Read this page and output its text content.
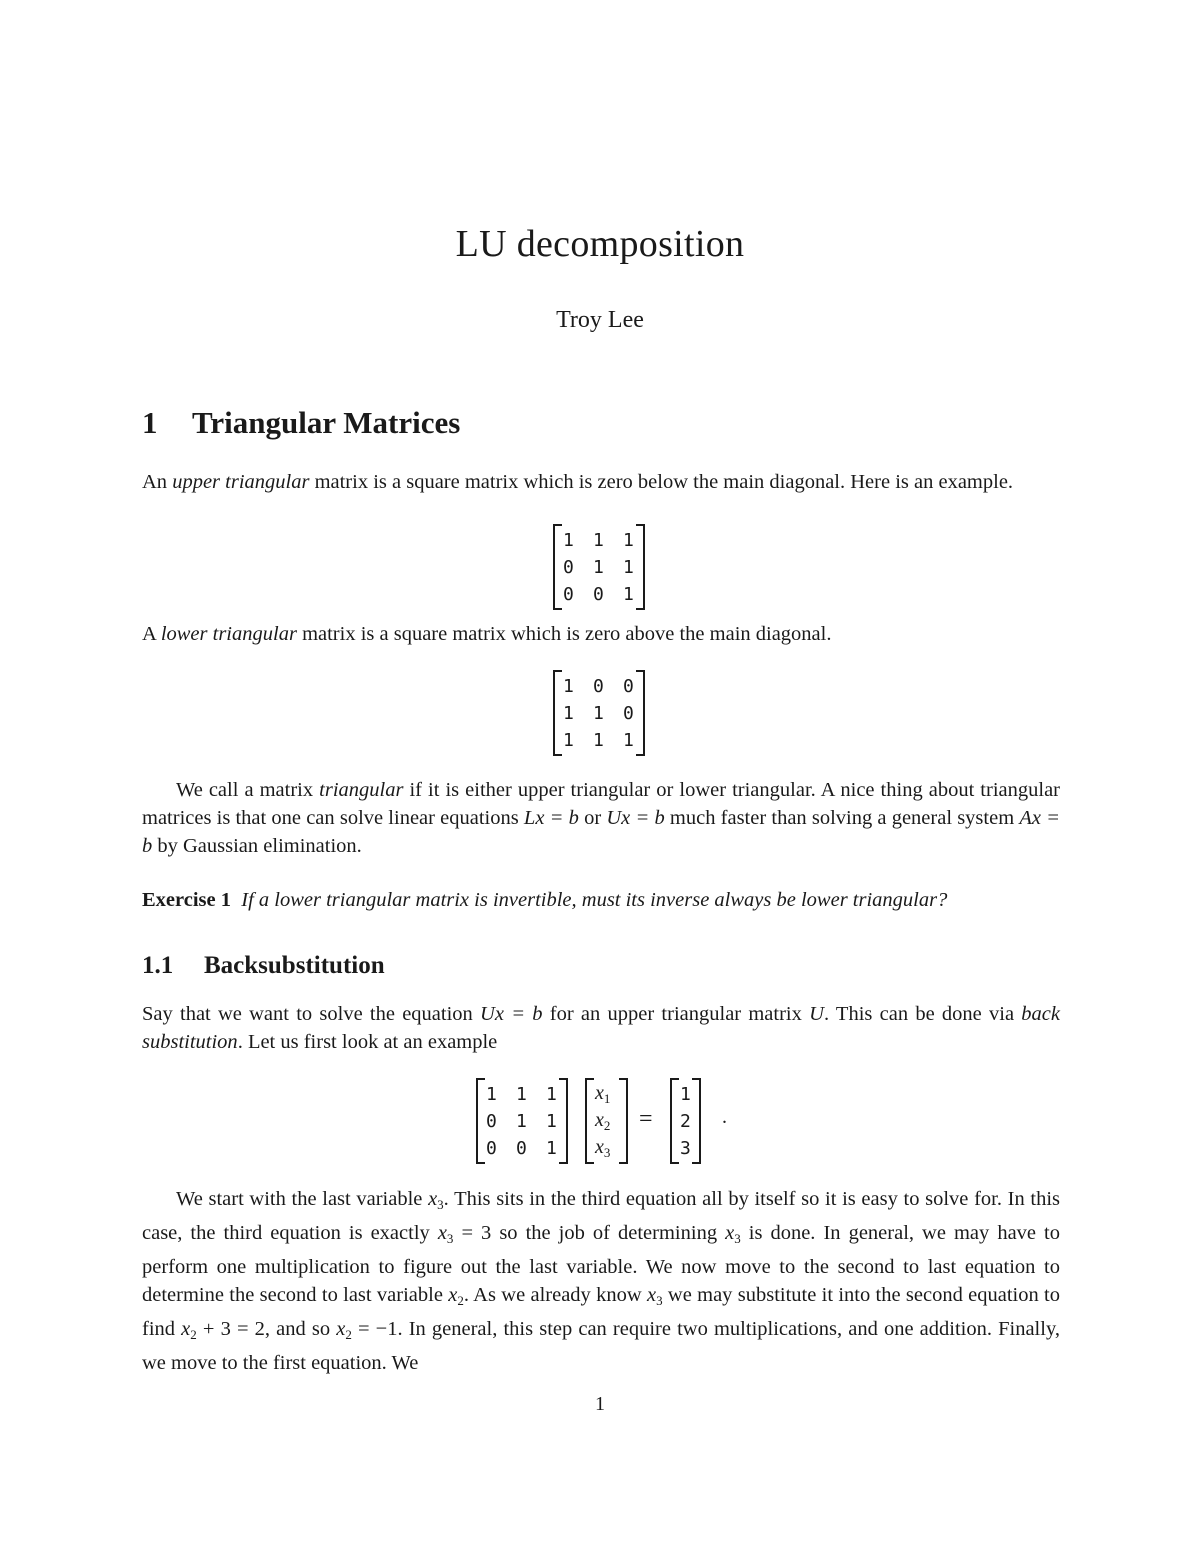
LU decomposition
Troy Lee
1 Triangular Matrices
An upper triangular matrix is a square matrix which is zero below the main diagonal. Here is an example.
1 1 1
0 1 1
0 0 1
A lower triangular matrix is a square matrix which is zero above the main diagonal.
1 0 0
1 1 0
1 1 1
We call a matrix triangular if it is either upper triangular or lower triangular. A nice thing about triangular matrices is that one can solve linear equations Lx = b or Ux = b much faster than solving a general system Ax = b by Gaussian elimination.
Exercise 1 If a lower triangular matrix is invertible, must its inverse always be lower triangular?
1.1 Backsubstitution
Say that we want to solve the equation Ux = b for an upper triangular matrix U. This can be done via back substitution. Let us first look at an example
1 1 1
0 1 1
0 0 1
$x_1$
$x_2$
$x_3$
=
1
2
3
.
We start with the last variable $x_3$. This sits in the third equation all by itself so it is easy to solve for. In this case, the third equation is exactly $x_3 = 3$ so the job of determining $x_3$ is done. In general, we may have to perform one multiplication to figure out the last variable. We now move to the second to last equation to determine the second to last variable $x_2$. As we already know $x_3$ we may substitute it into the second equation to find $x_2 + 3 = 2$, and so $x_2 = -1$. In general, this step can require two multiplications, and one addition. Finally, we move to the first equation. We
1
